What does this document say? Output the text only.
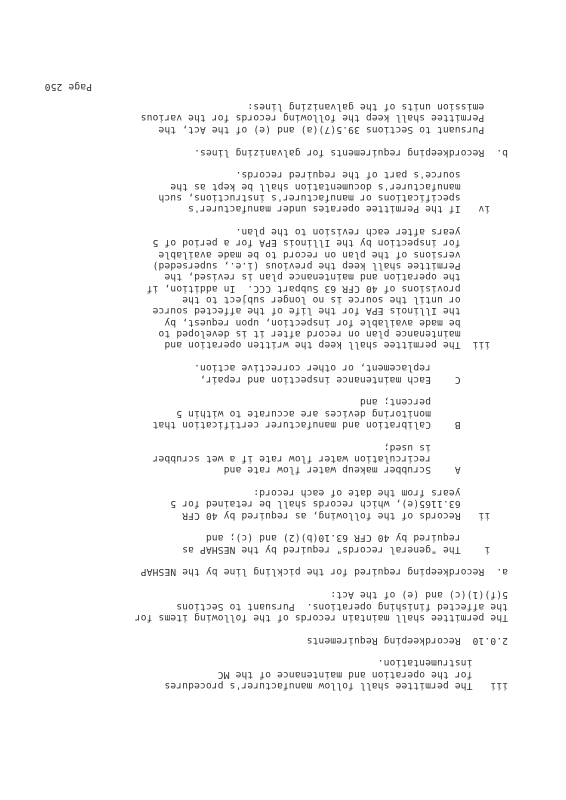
Page 250
iii   The permittee shall follow manufacturer's procedures
for the operation and maintenance of the MC
instrumentation.
2.0.10  Recordkeeping Requirements
The permittee shall maintain records of the following items for
the affected finishing operations.  Pursuant to Sections
5(f)(1)(c) and (e) of the Act:
a.  Recordkeeping required for the pickling line by the NESHAP
i    The "general records" required by the NESHAP as
required by 40 CFR 63.10(b)(2) and (c); and
ii   Records of the following, as required by 40 CFR
63.1165(e), which records shall be retained for 5
years from the date of each record:
A    Scrubber makeup water flow rate and
recirculation water flow rate if a wet scrubber
is used;
B    Calibration and manufacturer certification that
monitoring devices are accurate to within 5
percent; and
C    Each maintenance inspection and repair,
replacement, or other corrective action.
iii  The permittee shall keep the written operation and
maintenance plan on record after it is developed to
be made available for inspection, upon request, by
the Illinois EPA for the life of the affected source
or until the source is no longer subject to the
provisions of 40 CFR 63 Subpart CCC.  In addition, if
the operation and maintenance plan is revised, the
Permittee shall keep the previous (i.e., superseded)
versions of the plan on record to be made available
for inspection by the Illinois EPA for a period of 5
years after each revision to the plan.
iv   If the Permittee operates under manufacturer's
specifications or manufacturer's instructions, such
manufacturer's documentation shall be kept as the
source's part of the required records.
b.  Recordkeeping requirements for galvanizing lines.
Pursuant to Sections 39.5(7)(a) and (e) of the Act, the
Permittee shall keep the following records for the various
emission units of the galvanizing lines:
